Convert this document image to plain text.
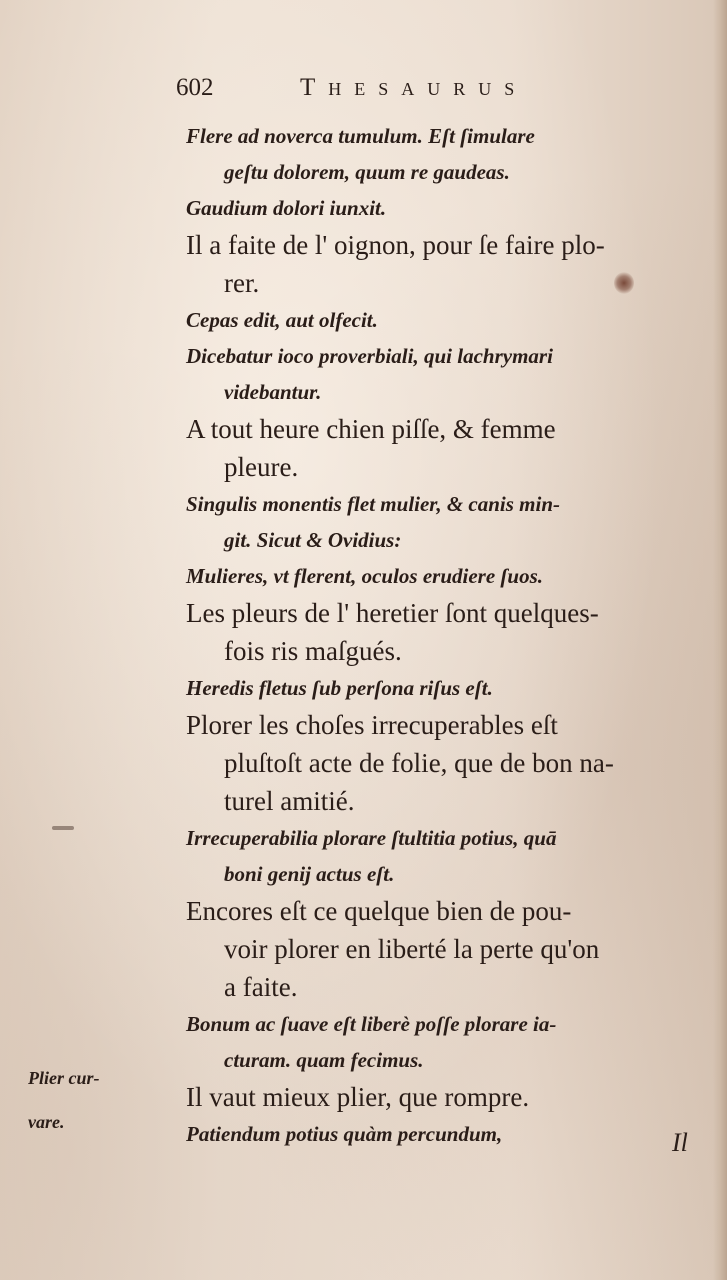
602	Thesaurus
Flere ad noverca tumulum. Eſt ſimulare
geſtu dolorem, quum re gaudeas.
Gaudium dolori iunxit.
Il a faite de l' oignon, pour ſe faire plo-
rer.
Cepas edit, aut olfecit.
Dicebatur ioco proverbiali, qui lachrymari
videbantur.
A tout heure chien piſſe, & femme
pleure.
Singulis monentis flet mulier, & canis min-
git. Sicut & Ovidius:
Mulieres, vt flerent, oculos erudiere ſuos.
Les pleurs de l' heretier ſont quelques-
fois ris maſgués.
Heredis fletus ſub perſona riſus eſt.
Plorer les choſes irrecuperables eſt
pluſtoſt acte de folie, que de bon na-
turel amitié.
Irrecuperabilia plorare ſtultitia potius, quā
boni genij actus eſt.
Encores eſt ce quelque bien de pou-
voir plorer en liberté la perte qu'on
a faite.
Bonum ac ſuave eſt liberè poſſe plorare ia-
cturam. quam fecimus.
Il vaut mieux plier, que rompre.
Patiendum potius quàm percundum,
Plier cur-
vare.
Il
